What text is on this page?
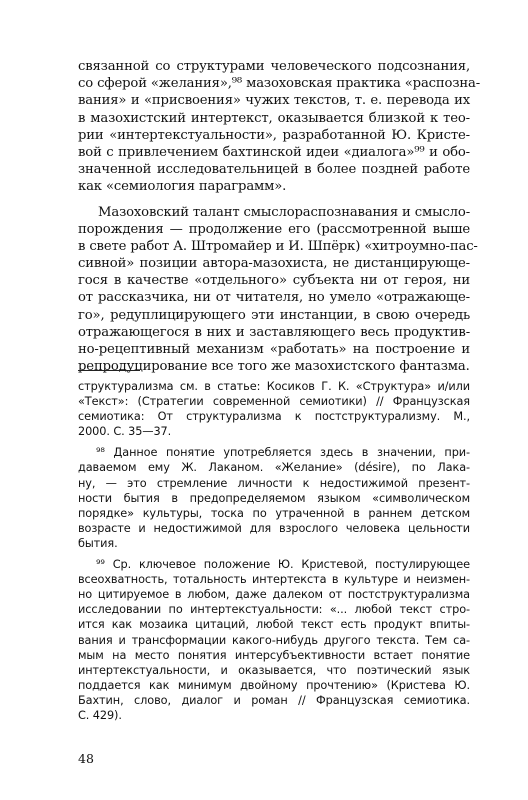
связанной со структурами человеческого подсознания,
со сферой «желания»,⁹⁸ мазоховская практика «распозна-
вания» и «присвоения» чужих текстов, т. е. перевода их
в мазохистский интертекст, оказывается близкой к тео-
рии «интертекстуальности», разработанной Ю. Кристе-
вой с привлечением бахтинской идеи «диалога»⁹⁹ и обо-
значенной исследовательницей в более поздней работе
как «семиология параграмм».
Мазоховский талант смыслораспознавания и смысло-
порождения — продолжение его (рассмотренной выше
в свете работ А. Штромайер и И. Шпёрк) «хитроумно-пас-
сивной» позиции автора-мазохиста, не дистанцирующе-
гося в качестве «отдельного» субъекта ни от героя, ни
от рассказчика, ни от читателя, но умело «отражающе-
го», редуплицирующего эти инстанции, в свою очередь
отражающегося в них и заставляющего весь продуктив-
но-рецептивный механизм «работать» на построение и
репродуцирование все того же мазохистского фантазма.
структурализма см. в статье: Косиков Г. К. «Структура» и/или
«Текст»: (Стратегии современной семиотики) // Французская
семиотика: От структурализма к постструктурализму. М.,
2000. С. 35—37.
⁹⁸ Данное понятие употребляется здесь в значении, при-
даваемом ему Ж. Лаканом. «Желание» (désire), по Лака-
ну, — это стремление личности к недостижимой презент-
ности бытия в предопределяемом языком «символическом
порядке» культуры, тоска по утраченной в раннем детском
возрасте и недостижимой для взрослого человека цельности
бытия.
⁹⁹ Ср. ключевое положение Ю. Кристевой, постулирующее
всеохватность, тотальность интертекста в культуре и неизмен-
но цитируемое в любом, даже далеком от постструктурализма
исследовании по интертекстуальности: «... любой текст стро-
ится как мозаика цитаций, любой текст есть продукт впиты-
вания и трансформации какого-нибудь другого текста. Тем са-
мым на место понятия интерсубъективности встает понятие
интертекстуальности, и оказывается, что поэтический язык
поддается как минимум двойному прочтению» (Кристева Ю.
Бахтин, слово, диалог и роман // Французская семиотика.
С. 429).
48
